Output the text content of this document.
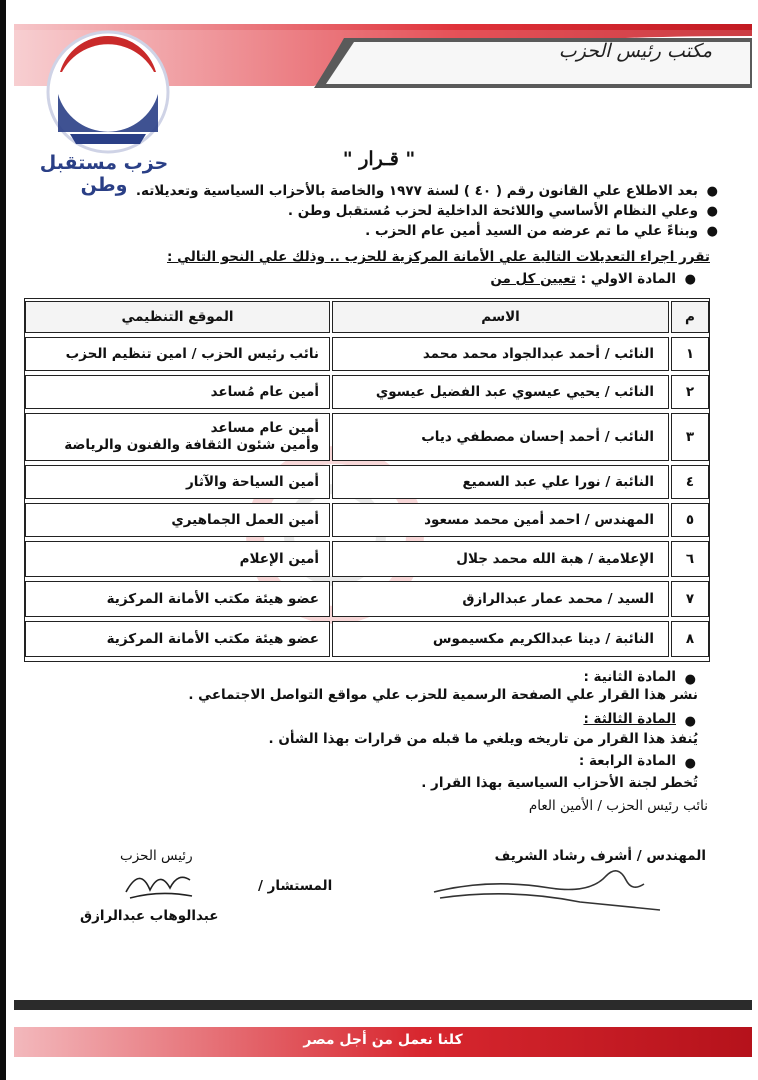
مكتب رئيس الحزب
حزب مستقبل وطن
" قـرار "
●
بعد الاطلاع علي القانون رقم ( ٤٠ ) لسنة ١٩٧٧ والخاصة بالأحزاب السياسية وتعديلاته.
●
وعلي النظام الأساسي واللائحة الداخلية لحزب مُستقبل وطن .
●
وبناءً علي ما تم عرضه من السيد أمين عام الحزب .
تقرر اجراء التعديلات التالية علي الأمانة المركزية للحزب .. وذلك علي النحو التالي :
●
المادة الاولي : تعيين كل من
م
الاسم
الموقع التنظيمي
١
النائب / أحمد عبدالجواد محمد محمد
نائب رئيس الحزب / امين تنظيم الحزب
٢
النائب / يحيي عيسوي عبد الفضيل عيسوي
أمين عام مُساعد
٣
النائب / أحمد إحسان مصطفي دياب
أمين عام مساعد
وأمين شئون الثقافة والفنون والرياضة
٤
النائبة / نورا علي عبد السميع
أمين السياحة والآثار
٥
المهندس / احمد أمين محمد مسعود
أمين العمل الجماهيري
٦
الإعلامية / هبة الله محمد جلال
أمين الإعلام
٧
السيد / محمد عمار عبدالرازق
عضو هيئة مكتب الأمانة المركزية
٨
النائبة / دينا عبدالكريم مكسيموس
عضو هيئة مكتب الأمانة المركزية
●
المادة الثانية :
نشر هذا القرار علي الصفحة الرسمية للحزب علي مواقع التواصل الاجتماعي .
●
المادة الثالثة :
يُنفذ هذا القرار من تاريخه ويلغي ما قبله من قرارات بهذا الشأن .
●
المادة الرابعة :
تُخطر لجنة الأحزاب السياسية بهذا القرار .
نائب رئيس الحزب / الأمين العام
المهندس / أشرف رشاد الشريف
رئيس الحزب
المستشار /
عبدالوهاب عبدالرازق
كلنا نعمل من أجل مصر
